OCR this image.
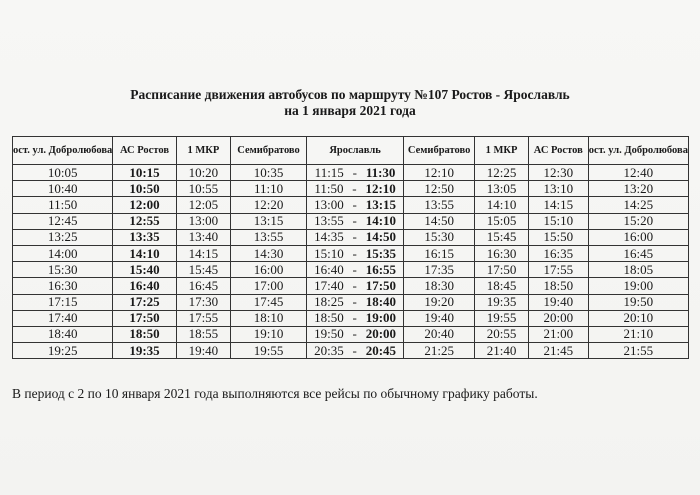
Расписание движения автобусов по маршруту №107 Ростов - Ярославль
на 1 января 2021 года
ост. ул. Добролюбова	АС Ростов	1 МКР	Семибратово	Ярославль	Семибратово	1 МКР	АС Ростов	ост. ул. Добролюбова
10:05	10:15	10:20	10:35	11:15 - 11:30	12:10	12:25	12:30	12:40
10:40	10:50	10:55	11:10	11:50 - 12:10	12:50	13:05	13:10	13:20
11:50	12:00	12:05	12:20	13:00 - 13:15	13:55	14:10	14:15	14:25
12:45	12:55	13:00	13:15	13:55 - 14:10	14:50	15:05	15:10	15:20
13:25	13:35	13:40	13:55	14:35 - 14:50	15:30	15:45	15:50	16:00
14:00	14:10	14:15	14:30	15:10 - 15:35	16:15	16:30	16:35	16:45
15:30	15:40	15:45	16:00	16:40 - 16:55	17:35	17:50	17:55	18:05
16:30	16:40	16:45	17:00	17:40 - 17:50	18:30	18:45	18:50	19:00
17:15	17:25	17:30	17:45	18:25 - 18:40	19:20	19:35	19:40	19:50
17:40	17:50	17:55	18:10	18:50 - 19:00	19:40	19:55	20:00	20:10
18:40	18:50	18:55	19:10	19:50 - 20:00	20:40	20:55	21:00	21:10
19:25	19:35	19:40	19:55	20:35 - 20:45	21:25	21:40	21:45	21:55
В период с 2 по 10 января 2021 года выполняются все рейсы по обычному графику работы.
